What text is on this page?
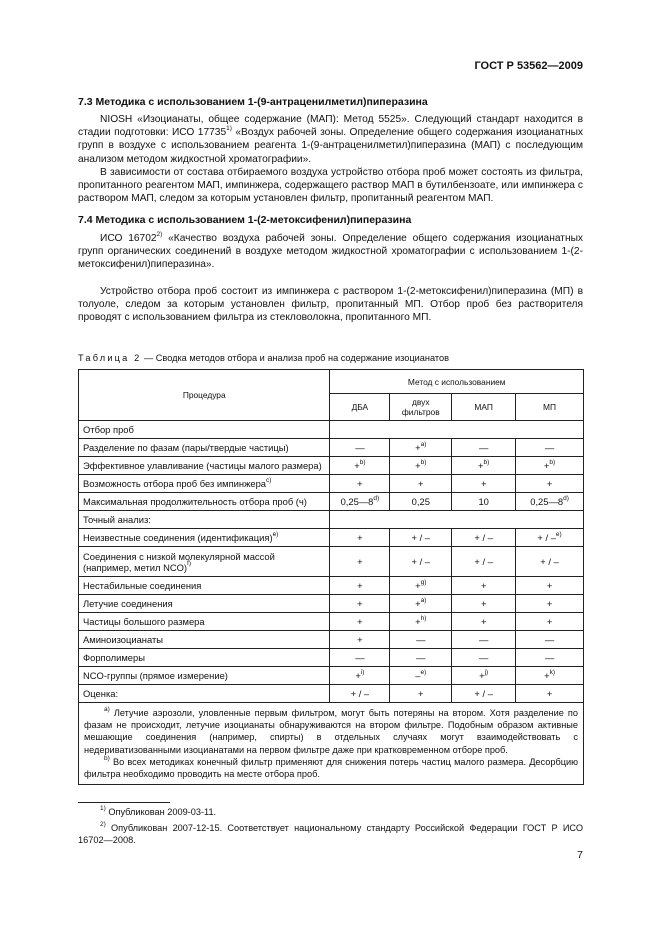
ГОСТ Р 53562—2009
7.3 Методика с использованием 1-(9-антраценилметил)пиперазина

NIOSH «Изоцианаты, общее содержание (МАП): Метод 5525». Следующий стандарт находится в стадии подготовки: ИСО 17735$^{1)}$ «Воздух рабочей зоны. Определение общего содержания изоцианатных групп в воздухе с использованием реагента 1-(9-антраценилметил)пиперазина (МАП) с последующим анализом методом жидкостной хроматографии».

В зависимости от состава отбираемого воздуха устройство отбора проб может состоять из фильтра, пропитанного реагентом МАП, импинжера, содержащего раствор МАП в бутилбензоате, или импинжера с раствором МАП, следом за которым установлен фильтр, пропитанный реагентом МАП.

7.4 Методика с использованием 1-(2-метоксифенил)пиперазина

ИСО 16702$^{2)}$ «Качество воздуха рабочей зоны. Определение общего содержания изоцианатных групп органических соединений в воздухе методом жидкостной хроматографии с использованием 1-(2-метоксифенил)пиперазина».

Устройство отбора проб состоит из импинжера с раствором 1-(2-метоксифенил)пиперазина (МП) в толуоле, следом за которым установлен фильтр, пропитанный МП. Отбор проб без растворителя проводят с использованием фильтра из стекловолокна, пропитанного МП.

Таблица 2 — Сводка методов отбора и анализа проб на содержание изоцианатов
Процедура	Метод с использованием			
	ДБА	двух фильтров	МАП	МП
Отбор проб				
Разделение по фазам (пары/твердые частицы)	—	+$^{а)}$	—	—
Эффективное улавливание (частицы малого размера)	+$^{b)}$	+$^{b)}$	+$^{b)}$	+$^{b)}$
Возможность отбора проб без импинжера$^{c)}$	+	+	+	+
Максимальная продолжительность отбора проб (ч)	0,25—8$^{d)}$	0,25	10	0,25—8$^{d)}$
Точный анализ:				
Неизвестные соединения (идентификация)$^{e)}$	+	+ / –	+ / –	+ / –$^{e)}$
Соединения с низкой молекулярной массой (например, метил NCO)$^{f)}$	+	+ / –	+ / –	+ / –
Нестабильные соединения	+	+$^{g)}$	+	+
Летучие соединения	+	+$^{а)}$	+	+
Частицы большого размера	+	+$^{h)}$	+	+
Аминоизоцианаты	+	—	—	—
Форполимеры	—	—	—	—
NCO-группы (прямое измерение)	+$^{i)}$	–$^{e)}$	+$^{j)}$	+$^{k)}$
Оценка:	+ / –	+	+ / –	+

$^{а)}$ Летучие аэрозоли, уловленные первым фильтром, могут быть потеряны на втором. Хотя разделение по фазам не происходит, летучие изоцианаты обнаруживаются на втором фильтре. Подобным образом активные мешающие соединения (например, спирты) в отдельных случаях могут взаимодействовать с недериватизованными изоцианатами на первом фильтре даже при кратковременном отборе проб.
$^{b)}$ Во всех методиках конечный фильтр применяют для снижения потерь частиц малого размера. Десорбцию фильтра необходимо проводить на месте отбора проб.				
$^{1)}$ Опубликован 2009-03-11.
$^{2)}$ Опубликован 2007-12-15. Соответствует национальному стандарту Российской Федерации ГОСТ Р ИСО 16702—2008.
7
